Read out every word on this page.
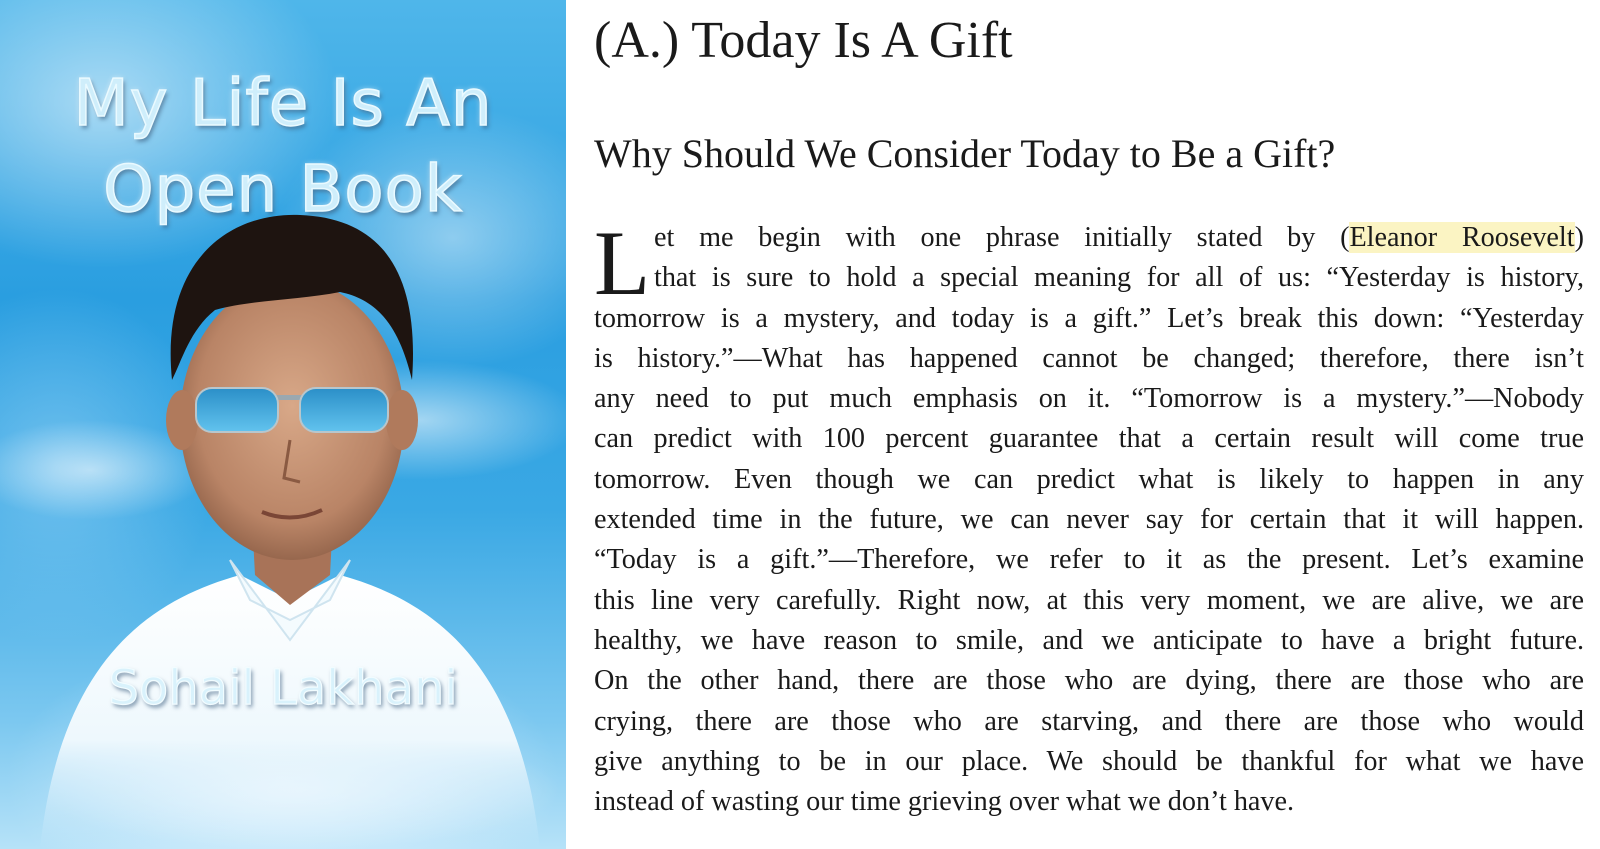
My Life Is An
Open Book
Sohail Lakhani
(A.) Today Is A Gift
Why Should We Consider Today to Be a Gift?
L et me begin with one phrase initially stated by (Eleanor Roosevelt)
that is sure to hold a special meaning for all of us: “Yesterday is history,
tomorrow is a mystery, and today is a gift.” Let’s break this down: “Yesterday
is history.”—What has happened cannot be changed; therefore, there isn’t
any need to put much emphasis on it. “Tomorrow is a mystery.”—Nobody
can predict with 100 percent guarantee that a certain result will come true
tomorrow. Even though we can predict what is likely to happen in any
extended time in the future, we can never say for certain that it will happen.
“Today is a gift.”—Therefore, we refer to it as the present. Let’s examine
this line very carefully. Right now, at this very moment, we are alive, we are
healthy, we have reason to smile, and we anticipate to have a bright future.
On the other hand, there are those who are dying, there are those who are
crying, there are those who are starving, and there are those who would
give anything to be in our place. We should be thankful for what we have
instead of wasting our time grieving over what we don’t have.
